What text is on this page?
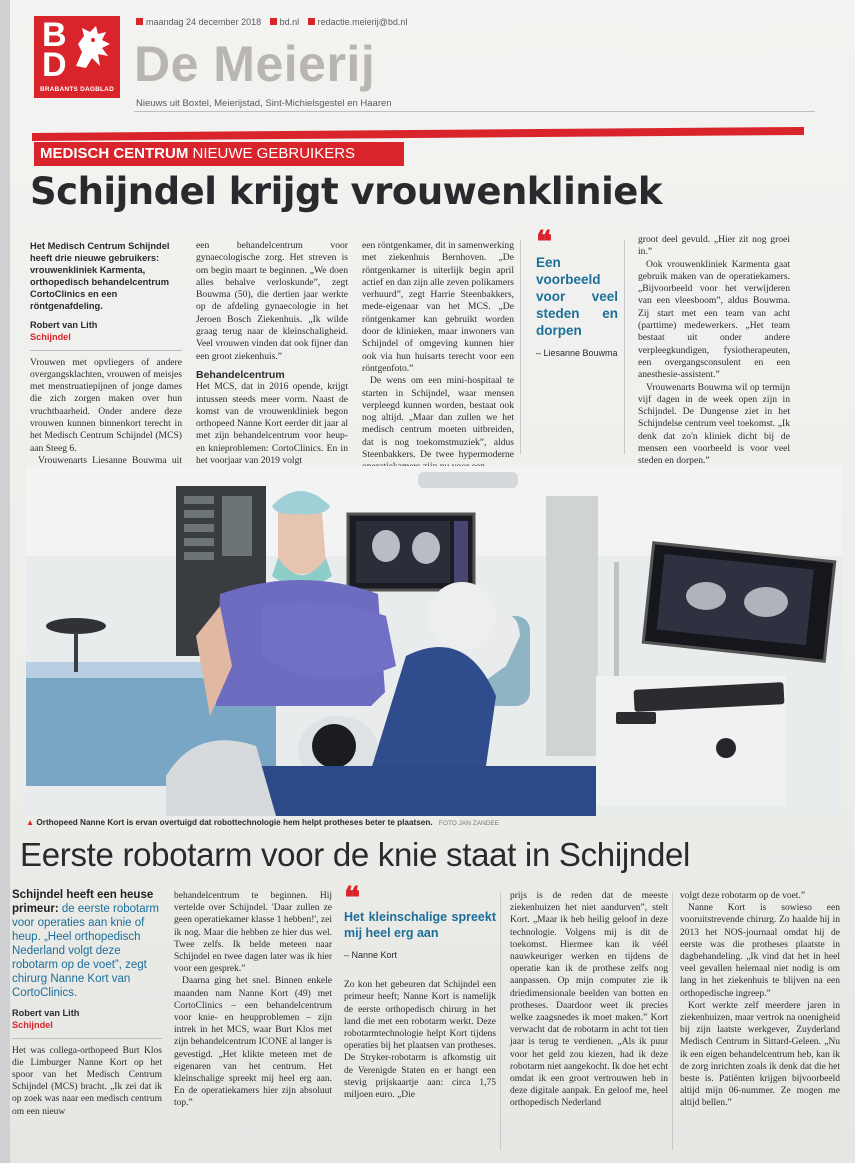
B
D
BRABANTS DAGBLAD
maandag 24 december 2018 bd.nl redactie.meierij@bd.nl
De Meierij
Nieuws uit Boxtel, Meierijstad, Sint-Michielsgestel en Haaren
MEDISCH CENTRUM NIEUWE GEBRUIKERS
Schijndel krijgt vrouwenkliniek
Het Medisch Centrum Schijndel heeft drie nieuwe gebruikers: vrouwenkliniek Karmenta, orthopedisch behandelcentrum CortoClinics en een röntgenafdeling.
Robert van Lith
Schijndel

Vrouwen met opvliegers of andere overgangsklachten, vrouwen of meisjes met menstruatiepijnen of jonge dames die zich zorgen maken over hun vruchtbaarheid. Onder andere deze vrouwen kunnen binnenkort terecht in het Medisch Centrum Schijndel (MCS) aan Steeg 6.

Vrouwenarts Liesanne Bouwma uit

een behandelcentrum voor gynaecologische zorg. Het streven is om begin maart te beginnen. „We doen alles behalve verloskunde”, zegt Bouwma (50), die dertien jaar werkte op de afdeling gynaecologie in het Jeroen Bosch Ziekenhuis. „Ik wilde graag terug naar de kleinschaligheid. Veel vrouwen vinden dat ook fijner dan een groot ziekenhuis.”

Behandelcentrum

Het MCS, dat in 2016 opende, krijgt intussen steeds meer vorm. Naast de komst van de vrouwenkliniek begon orthopeed Nanne Kort eerder dit jaar al met zijn behandelcentrum voor heup- en knieproblemen: CortoClinics. En in het voorjaar van 2019 volgt

een röntgenkamer, dit in samenwerking met ziekenhuis Bernhoven. „De röntgenkamer is uiterlijk begin april actief en dan zijn alle zeven polikamers verhuurd”, zegt Harrie Steenbakkers, mede-eigenaar van het MCS. „De röntgenkamer kan gebruikt worden door de klinieken, maar inwoners van Schijndel of omgeving kunnen hier ook via hun huisarts terecht voor een röntgenfoto.”

De wens om een mini-hospitaal te starten in Schijndel, waar mensen verpleegd kunnen worden, bestaat ook nog altijd. „Maar dan zullen we het medisch centrum moeten uitbreiden, dat is nog toekomstmuziek”, aldus Steenbakkers. De twee hypermoderne

❝
Een voorbeeld voor veel steden en dorpen
– Liesanne Bouwma

groot deel gevuld. „Hier zit nog groei in.”

Ook vrouwenkliniek Karmenta gaat gebruik maken van de operatiekamers. „Bijvoorbeeld voor het verwijderen van een vleesboom”, aldus Bouwma. Zij start met een team van acht (parttime) medewerkers. „Het team bestaat uit onder andere verpleegkundigen, fysiotherapeuten, een overgangsconsulent en een anesthesie-assistent.”

Vrouwenarts Bouwma wil op termijn vijf dagen in de week open zijn in Schijndel. De Dungense ziet in het Schijndelse centrum veel toekomst. „Ik denk dat zo'n kliniek dicht bij de mensen een voorbeeld is voor veel steden en dorpen.”

▲ Orthopeed Nanne Kort is ervan overtuigd dat robottechnologie hem helpt protheses beter te plaatsen. FOTO JAN ZANDEE
Eerste robotarm voor de knie staat in Schijndel
Schijndel heeft een heuse primeur: de eerste robotarm voor operaties aan knie of heup. „Heel orthopedisch Nederland volgt deze robotarm op de voet”, zegt chirurg Nanne Kort van CortoClinics.
Robert van Lith
Schijndel

Het was collega-orthopeed Burt Klos die Limburger Nanne Kort op het spoor van het Medisch Centrum Schijndel (MCS) bracht. „Ik zei dat ik op zoek was naar een medisch centrum om een nieuw

behandelcentrum te beginnen. Hij vertelde over Schijndel. 'Daar zullen ze geen operatiekamer klasse 1 hebben!', zei ik nog. Maar die hebben ze hier dus wel. Twee zelfs. Ik belde meteen naar Schijndel en twee dagen later was ik hier voor een gesprek.”

Daarna ging het snel. Binnen enkele maanden nam Nanne Kort (49) met CortoClinics – een behandelcentrum voor knie- en heupproblemen – zijn intrek in het MCS, waar Burt Klos met zijn behandelcentrum ICONE al langer is gevestigd. „Het klikte meteen met de eigenaren van het centrum. Het kleinschalige spreekt mij heel erg aan. En de operatiekamers hier zijn absoluut top.”

❝
Het kleinschalige spreekt mij heel erg aan
– Nanne Kort

Zo kon het gebeuren dat Schijndel een primeur heeft; Nanne Kort is namelijk de eerste orthopedisch chirurg in het land die met een robotarm werkt. Deze robotarmtechnologie helpt Kort tijdens operaties bij het plaatsen van protheses. De Stryker-robotarm is afkomstig uit de Verenigde Staten en er hangt een stevig prijskaartje aan: circa 1,75 miljoen euro. „Die

prijs is de reden dat de meeste ziekenhuizen het niet aandurven”, stelt Kort. „Maar ik heb heilig geloof in deze technologie. Volgens mij is dit de toekomst. Hiermee kan ik véél nauwkeuriger werken en tijdens de operatie kan ik de prothese zelfs nog aanpassen. Op mijn computer zie ik driedimensionale beelden van botten en protheses. Daardoor weet ik precies welke zaagsnedes ik moet maken.” Kort verwacht dat de robotarm in acht tot tien jaar is terug te verdienen. „Als ik puur voor het geld zou kiezen, had ik deze robotarm niet aangekocht. Ik doe het echt omdat ik een groot vertrouwen heb in deze digitale aanpak. En geloof me, heel orthopedisch Nederland

volgt deze robotarm op de voet.”

Nanne Kort is sowieso een vooruitstrevende chirurg. Zo haalde hij in 2013 het NOS-journaal omdat hij de eerste was die protheses plaatste in dagbehandeling. „Ik vind dat het in heel veel gevallen helemaal niet nodig is om lang in het ziekenhuis te blijven na een orthopedische ingreep.”

Kort werkte zelf meerdere jaren in ziekenhuizen, maar vertrok na onenigheid bij zijn laatste werkgever, Zuyderland Medisch Centrum in Sittard-Geleen. „Nu ik een eigen behandelcentrum heb, kan ik de zorg inrichten zoals ik denk dat die het beste is. Patiënten krijgen bijvoorbeeld altijd mijn 06-nummer. Ze mogen me altijd bellen.”
